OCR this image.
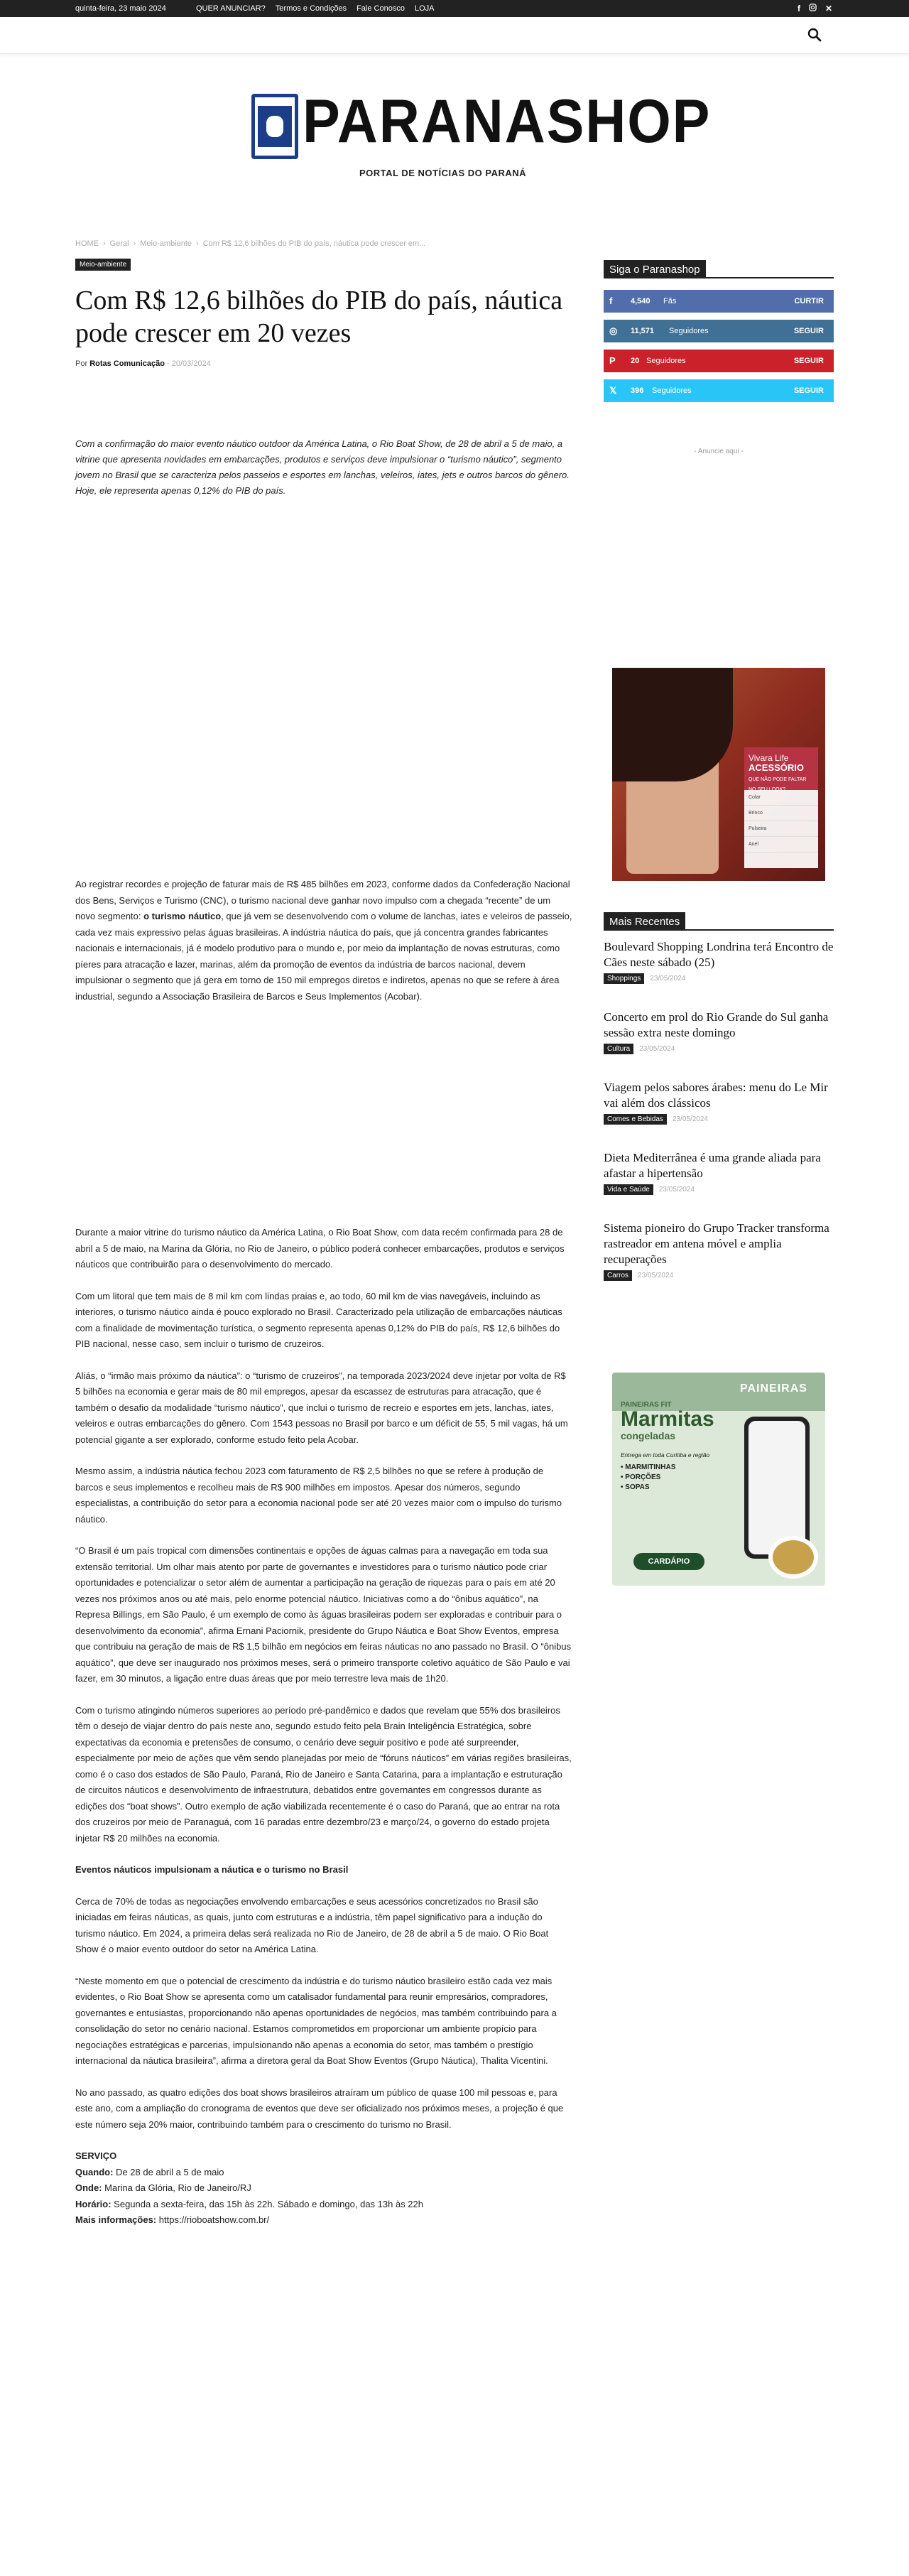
quinta-feira, 23 maio 2024	QUER ANUNCIAR? Termos e Condições Fale Conosco LOJA	f	✕
PARANASHOP
PORTAL DE NOTÍCIAS DO PARANÁ
HOME › Geral › Meio-ambiente › Com R$ 12,6 bilhões do PIB do país, náutica pode crescer em...
Meio-ambiente
Com R$ 12,6 bilhões do PIB do país, náutica pode crescer em 20 vezes
Por Rotas Comunicação - 20/03/2024

Com a confirmação do maior evento náutico outdoor da América Latina, o Rio Boat Show, de 28 de abril a 5 de maio, a vitrine que apresenta novidades em embarcações, produtos e serviços deve impulsionar o “turismo náutico”, segmento jovem no Brasil que se caracteriza pelos passeios e esportes em lanchas, veleiros, iates, jets e outros barcos do gênero. Hoje, ele representa apenas 0,12% do PIB do país.

Ao registrar recordes e projeção de faturar mais de R$ 485 bilhões em 2023, conforme dados da Confederação Nacional dos Bens, Serviços e Turismo (CNC), o turismo nacional deve ganhar novo impulso com a chegada “recente” de um novo segmento: o turismo náutico, que já vem se desenvolvendo com o volume de lanchas, iates e veleiros de passeio, cada vez mais expressivo pelas águas brasileiras. A indústria náutica do país, que já concentra grandes fabricantes nacionais e internacionais, já é modelo produtivo para o mundo e, por meio da implantação de novas estruturas, como píeres para atracação e lazer, marinas, além da promoção de eventos da indústria de barcos nacional, devem impulsionar o segmento que já gera em torno de 150 mil empregos diretos e indiretos, apenas no que se refere à área industrial, segundo a Associação Brasileira de Barcos e Seus Implementos (Acobar).

Durante a maior vitrine do turismo náutico da América Latina, o Rio Boat Show, com data recém confirmada para 28 de abril a 5 de maio, na Marina da Glória, no Rio de Janeiro, o público poderá conhecer embarcações, produtos e serviços náuticos que contribuirão para o desenvolvimento do mercado.

Com um litoral que tem mais de 8 mil km com lindas praias e, ao todo, 60 mil km de vias navegáveis, incluindo as interiores, o turismo náutico ainda é pouco explorado no Brasil. Caracterizado pela utilização de embarcações náuticas com a finalidade de movimentação turística, o segmento representa apenas 0,12% do PIB do país, R$ 12,6 bilhões do PIB nacional, nesse caso, sem incluir o turismo de cruzeiros.

Aliás, o “irmão mais próximo da náutica”: o “turismo de cruzeiros”, na temporada 2023/2024 deve injetar por volta de R$ 5 bilhões na economia e gerar mais de 80 mil empregos, apesar da escassez de estruturas para atracação, que é também o desafio da modalidade “turismo náutico”, que inclui o turismo de recreio e esportes em jets, lanchas, iates, veleiros e outras embarcações do gênero. Com 1543 pessoas no Brasil por barco e um déficit de 55, 5 mil vagas, há um potencial gigante a ser explorado, conforme estudo feito pela Acobar.

Mesmo assim, a indústria náutica fechou 2023 com faturamento de R$ 2,5 bilhões no que se refere à produção de barcos e seus implementos e recolheu mais de R$ 900 milhões em impostos. Apesar dos números, segundo especialistas, a contribuição do setor para a economia nacional pode ser até 20 vezes maior com o impulso do turismo náutico.

“O Brasil é um país tropical com dimensões continentais e opções de águas calmas para a navegação em toda sua extensão territorial. Um olhar mais atento por parte de governantes e investidores para o turismo náutico pode criar oportunidades e potencializar o setor além de aumentar a participação na geração de riquezas para o país em até 20 vezes nos próximos anos ou até mais, pelo enorme potencial náutico. Iniciativas como a do “ônibus aquático”, na Represa Billings, em São Paulo, é um exemplo de como às águas brasileiras podem ser exploradas e contribuir para o desenvolvimento da economia”, afirma Ernani Paciornik, presidente do Grupo Náutica e Boat Show Eventos, empresa que contribuiu na geração de mais de R$ 1,5 bilhão em negócios em feiras náuticas no ano passado no Brasil. O “ônibus aquático”, que deve ser inaugurado nos próximos meses, será o primeiro transporte coletivo aquático de São Paulo e vai fazer, em 30 minutos, a ligação entre duas áreas que por meio terrestre leva mais de 1h20.

Com o turismo atingindo números superiores ao período pré-pandêmico e dados que revelam que 55% dos brasileiros têm o desejo de viajar dentro do país neste ano, segundo estudo feito pela Brain Inteligência Estratégica, sobre expectativas da economia e pretensões de consumo, o cenário deve seguir positivo e pode até surpreender, especialmente por meio de ações que vêm sendo planejadas por meio de “fóruns náuticos” em várias regiões brasileiras, como é o caso dos estados de São Paulo, Paraná, Rio de Janeiro e Santa Catarina, para a implantação e estruturação de circuitos náuticos e desenvolvimento de infraestrutura, debatidos entre governantes em congressos durante as edições dos “boat shows”. Outro exemplo de ação viabilizada recentemente é o caso do Paraná, que ao entrar na rota dos cruzeiros por meio de Paranaguá, com 16 paradas entre dezembro/23 e março/24, o governo do estado projeta injetar R$ 20 milhões na economia.

Eventos náuticos impulsionam a náutica e o turismo no Brasil

Cerca de 70% de todas as negociações envolvendo embarcações e seus acessórios concretizados no Brasil são iniciadas em feiras náuticas, as quais, junto com estruturas e a indústria, têm papel significativo para a indução do turismo náutico. Em 2024, a primeira delas será realizada no Rio de Janeiro, de 28 de abril a 5 de maio. O Rio Boat Show é o maior evento outdoor do setor na América Latina.

“Neste momento em que o potencial de crescimento da indústria e do turismo náutico brasileiro estão cada vez mais evidentes, o Rio Boat Show se apresenta como um catalisador fundamental para reunir empresários, compradores, governantes e entusiastas, proporcionando não apenas oportunidades de negócios, mas também contribuindo para a consolidação do setor no cenário nacional. Estamos comprometidos em proporcionar um ambiente propício para negociações estratégicas e parcerias, impulsionando não apenas a economia do setor, mas também o prestígio internacional da náutica brasileira”, afirma a diretora geral da Boat Show Eventos (Grupo Náutica), Thalita Vicentini.

No ano passado, as quatro edições dos boat shows brasileiros atraíram um público de quase 100 mil pessoas e, para este ano, com a ampliação do cronograma de eventos que deve ser oficializado nos próximos meses, a projeção é que este número seja 20% maior, contribuindo também para o crescimento do turismo no Brasil.

SERVIÇO
Quando: De 28 de abril a 5 de maio
Onde: Marina da Glória, Rio de Janeiro/RJ
Horário: Segunda a sexta-feira, das 15h às 22h. Sábado e domingo, das 13h às 22h
Mais informações: https://rioboatshow.com.br/
Siga o Paranashop
f 4,540 Fãs	CURTIR
◎ 11,571 Seguidores	SEGUIR
P 20 Seguidores	SEGUIR
𝕏 396 Seguidores	SEGUIR
- Anuncie aqui -
Vivara Life
ACESSÓRIO
QUE NÃO PODE FALTAR NO SEU LOOK?
Colar
Brinco
Pulseira
Anel
Mais Recentes
Boulevard Shopping Londrina terá Encontro de Cães neste sábado (25)
Shoppings	23/05/2024
Concerto em prol do Rio Grande do Sul ganha sessão extra neste domingo
Cultura	23/05/2024
Viagem pelos sabores árabes: menu do Le Mir vai além dos clássicos
Comes e Bebidas	23/05/2024
Dieta Mediterrânea é uma grande aliada para afastar a hipertensão
Vida e Saúde	23/05/2024
Sistema pioneiro do Grupo Tracker transforma rastreador em antena móvel e amplia recuperações
Carros	23/05/2024
PAINEIRAS
PAINEIRAS FIT
Marmitas
congeladas
Entrega em toda Curitiba e região
• MARMITINHAS
• PORÇÕES
• SOPAS
CARDÁPIO
